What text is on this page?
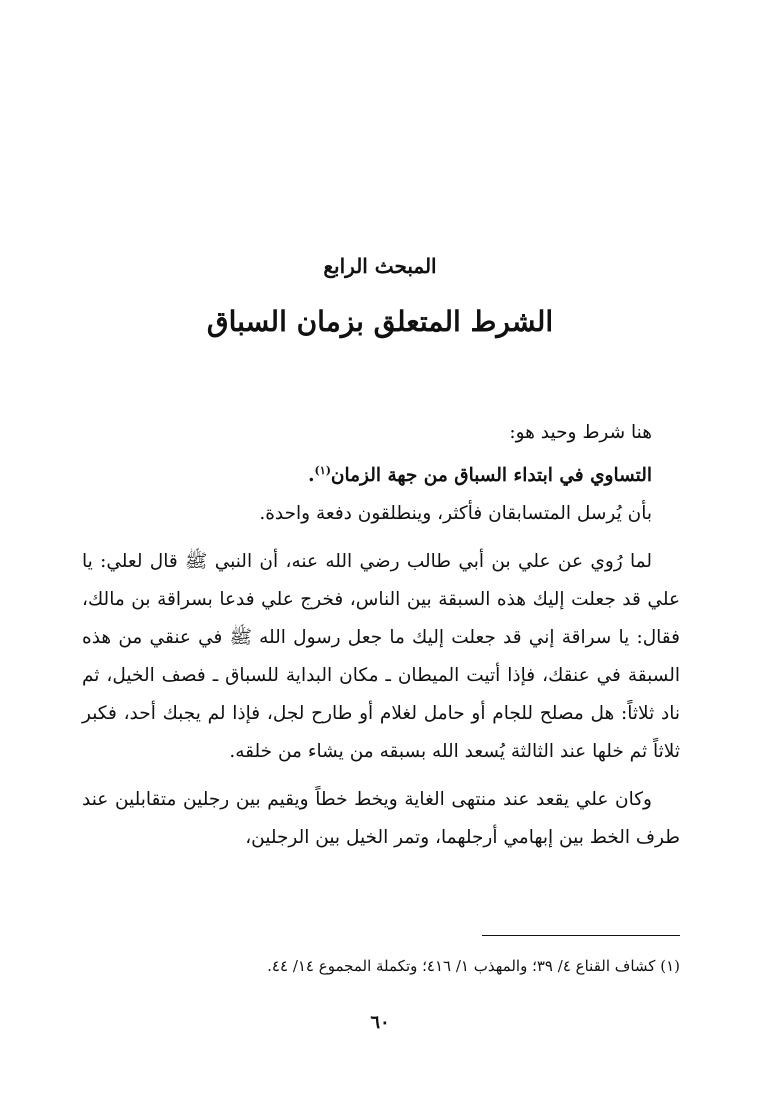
المبحث الرابع
الشرط المتعلق بزمان السباق

هنا شرط وحيد هو:

التساوي في ابتداء السباق من جهة الزمان$^{(١)}$.

بأن يُرسل المتسابقان فأكثر، وينطلقون دفعة واحدة.

لما رُوي عن علي بن أبي طالب رضي الله عنه، أن النبي ﷺ قال لعلي: يا علي قد جعلت إليك هذه السبقة بين الناس، فخرج علي فدعا بسراقة بن مالك، فقال: يا سراقة إني قد جعلت إليك ما جعل رسول الله ﷺ في عنقي من هذه السبقة في عنقك، فإذا أتيت الميطان ـ مكان البداية للسباق ـ فصف الخيل، ثم ناد ثلاثاً: هل مصلح للجام أو حامل لغلام أو طارح لجل، فإذا لم يجبك أحد، فكبر ثلاثاً ثم خلها عند الثالثة يُسعد الله بسبقه من يشاء من خلقه.

وكان علي يقعد عند منتهى الغاية ويخط خطاً ويقيم بين رجلين متقابلين عند طرف الخط بين إبهامي أرجلهما، وتمر الخيل بين الرجلين،

(١) كشاف القناع ٤/ ٣٩؛ والمهذب ١/ ٤١٦؛ وتكملة المجموع ١٤/ ٤٤.
٦٠
